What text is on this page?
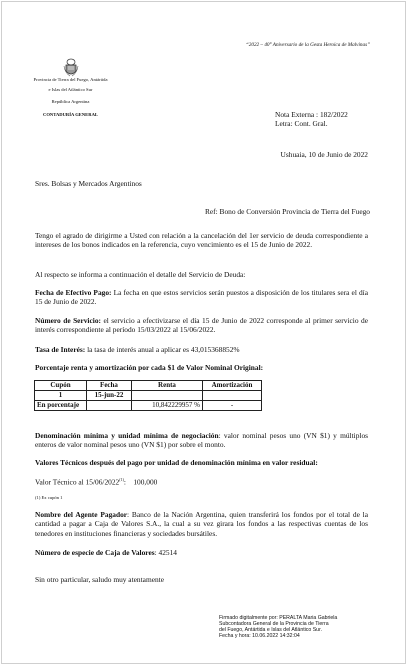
“2022 – 40° Aniversario de la Gesta Heroica de Malvinas”
Provincia de Tierra del Fuego, Antártida
e Islas del Atlántico Sur
República Argentina
CONTADURÍA GENERAL	Nota Externa : 182/2022
Letra: Cont. Gral.
Ushuaia, 10 de Junio de 2022
Sres. Bolsas y Mercados Argentinos
Ref: Bono de Conversión Provincia de Tierra del Fuego
Tengo el agrado de dirigirme a Usted con relación a la cancelación del 1er servicio de deuda correspondiente a intereses de los bonos indicados en la referencia, cuyo vencimiento es el 15 de Junio de 2022.
Al respecto se informa a continuación el detalle del Servicio de Deuda:
Fecha de Efectivo Pago: La fecha en que estos servicios serán puestos a disposición de los titulares sera el día 15 de Junio de 2022.
Número de Servicio: el servicio a efectivizarse el día 15 de Junio de 2022 corresponde al primer servicio de interés correspondiente al período 15/03/2022 al 15/06/2022.
Tasa de Interés: la tasa de interés anual a aplicar es 43,015368852%
Porcentaje renta y amortización por cada $1 de Valor Nominal Original:
Cupón	Fecha	Renta	Amortización
1	15-jun-22		
En porcentaje		10,842229957 %	-
Denominación mínima y unidad mínima de negociación: valor nominal pesos uno (VN $1) y múltiplos enteros de valor nominal pesos uno (VN $1) por sobre el monto.
Valores Técnicos después del pago por unidad de denominación mínima en valor residual:
Valor Técnico al 15/06/2022$^{(1)}$:    100,000
(1) Ex cupón 1
Nombre del Agente Pagador: Banco de la Nación Argentina, quien transferirá los fondos por el total de la cantidad a pagar a Caja de Valores S.A., la cual a su vez girara los fondos a las respectivas cuentas de los tenedores en instituciones financieras y sociedades bursátiles.
Número de especie de Caja de Valores: 42514
Sin otro particular, saludo muy atentamente
Firmado digitalmente por: PERALTA Maria Gabriela
Subcontadora General de la Provincia de Tierra
del Fuego, Antártida e Islas del Atlántico Sur.
Fecha y hora: 10.06.2022 14:32:04
